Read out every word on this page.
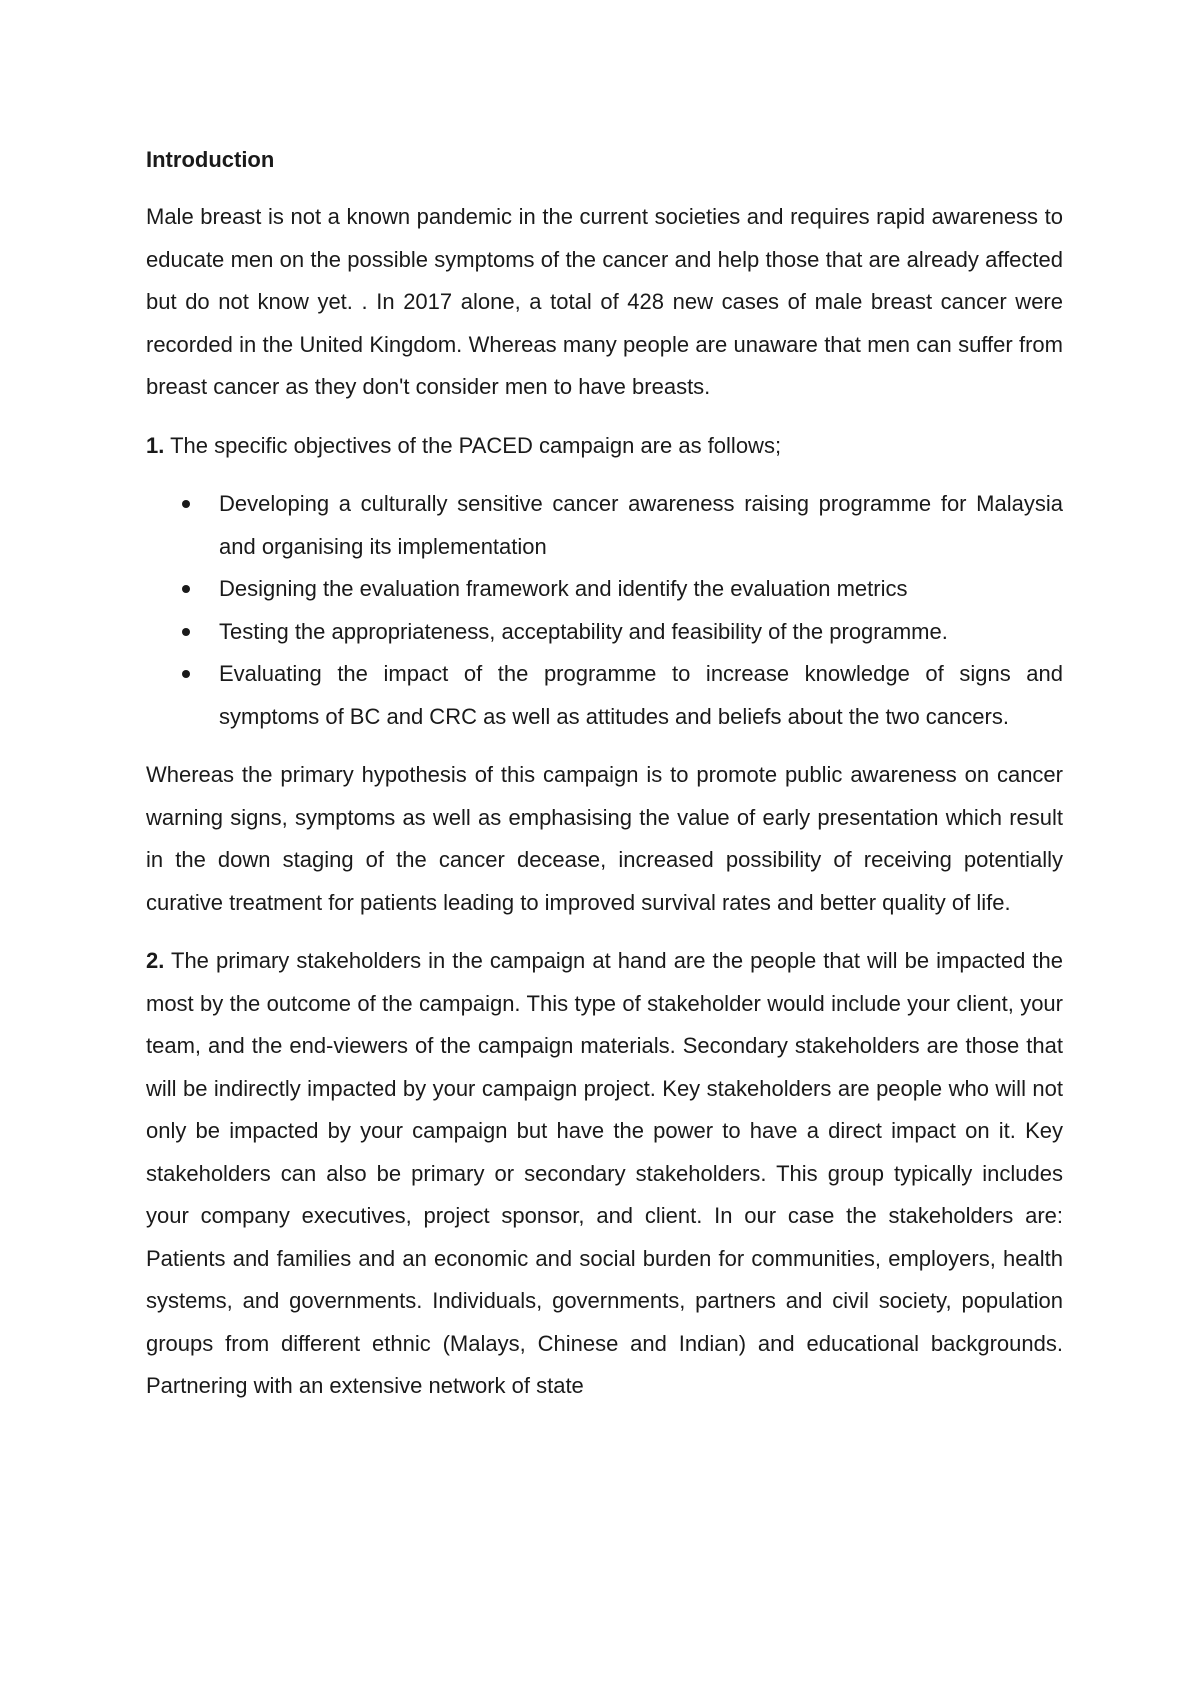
Introduction

Male breast is not a known pandemic in the current societies and requires rapid awareness to educate men on the possible symptoms of the cancer and help those that are already affected but do not know yet. . In 2017 alone, a total of 428 new cases of male breast cancer were recorded in the United Kingdom. Whereas many people are unaware that men can suffer from breast cancer as they don't consider men to have breasts.

1. The specific objectives of the PACED campaign are as follows;

Developing a culturally sensitive cancer awareness raising programme for Malaysia and organising its implementation
Designing the evaluation framework and identify the evaluation metrics
Testing the appropriateness, acceptability and feasibility of the programme.
Evaluating the impact of the programme to increase knowledge of signs and symptoms of BC and CRC as well as attitudes and beliefs about the two cancers.

Whereas the primary hypothesis of this campaign is to promote public awareness on cancer warning signs, symptoms as well as emphasising the value of early presentation which result in the down staging of the cancer decease, increased possibility of receiving potentially curative treatment for patients leading to improved survival rates and better quality of life.

2. The primary stakeholders in the campaign at hand are the people that will be impacted the most by the outcome of the campaign. This type of stakeholder would include your client, your team, and the end-viewers of the campaign materials. Secondary stakeholders are those that will be indirectly impacted by your campaign project. Key stakeholders are people who will not only be impacted by your campaign but have the power to have a direct impact on it. Key stakeholders can also be primary or secondary stakeholders. This group typically includes your company executives, project sponsor, and client. In our case the stakeholders are: Patients and families and an economic and social burden for communities, employers, health systems, and governments. Individuals, governments, partners and civil society, population groups from different ethnic (Malays, Chinese and Indian) and educational backgrounds. Partnering with an extensive network of state
